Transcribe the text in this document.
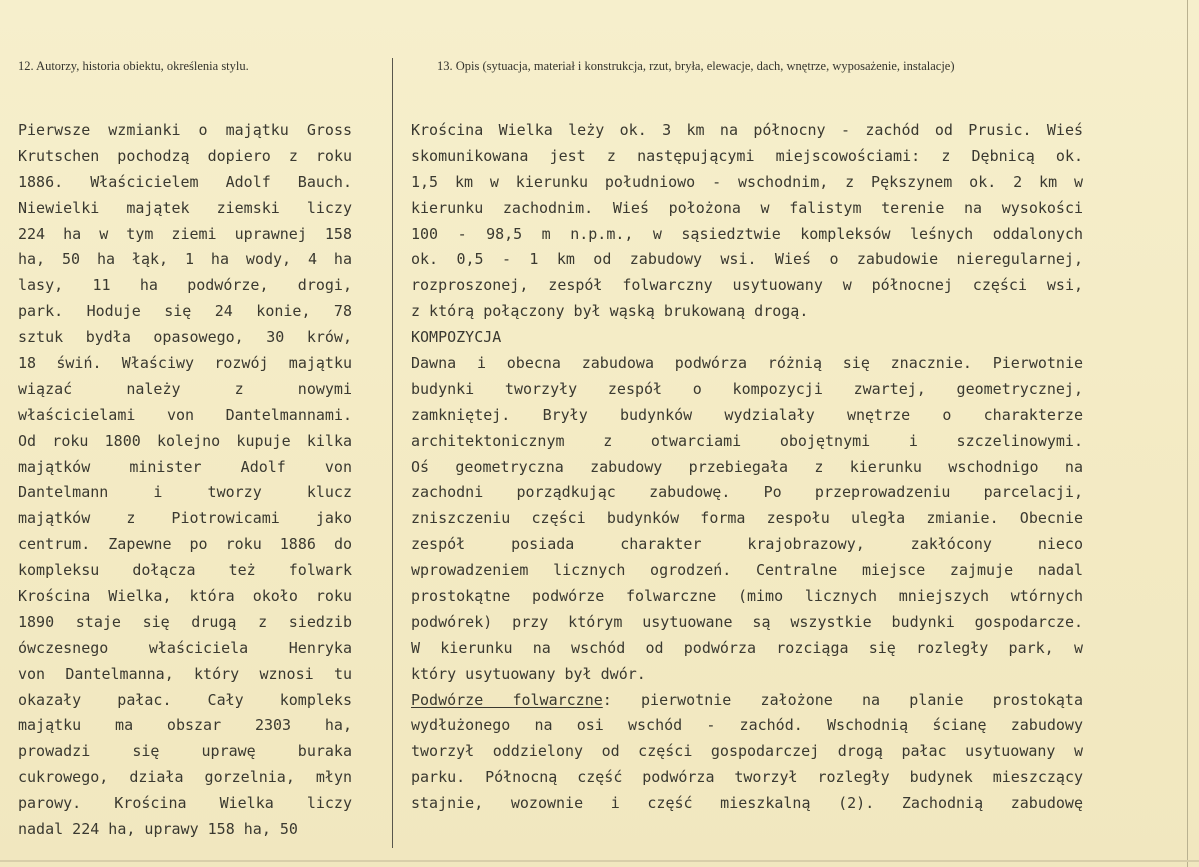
12. Autorzy, historia obiektu, określenia stylu.	13. Opis (sytuacja, materiał i konstrukcja, rzut, bryła, elewacje, dach, wnętrze, wyposażenie, instalacje)
Pierwsze wzmianki o majątku Gross
Krutschen pochodzą dopiero z roku
1886. Właścicielem Adolf Bauch.
Niewielki majątek ziemski liczy
224 ha w tym ziemi uprawnej 158
ha, 50 ha łąk, 1 ha wody, 4 ha
lasy, 11 ha podwórze, drogi,
park. Hoduje się 24 konie, 78
sztuk bydła opasowego, 30 krów,
18 świń. Właściwy rozwój majątku
wiązać należy z nowymi
właścicielami von Dantelmannami.
Od roku 1800 kolejno kupuje kilka
majątków minister Adolf von
Dantelmann i tworzy klucz
majątków z Piotrowicami jako
centrum. Zapewne po roku 1886 do
kompleksu dołącza też folwark
Krościna Wielka, która około roku
1890 staje się drugą z siedzib
ówczesnego właściciela Henryka
von Dantelmanna, który wznosi tu
okazały pałac. Cały kompleks
majątku ma obszar 2303 ha,
prowadzi się uprawę buraka
cukrowego, działa gorzelnia, młyn
parowy. Krościna Wielka liczy
nadal 224 ha, uprawy 158 ha, 50
Krościna Wielka leży ok. 3 km na północny - zachód od Prusic. Wieś
skomunikowana jest z następującymi miejscowościami: z Dębnicą ok.
1,5 km w kierunku południowo - wschodnim, z Pększynem ok. 2 km w
kierunku zachodnim. Wieś położona w falistym terenie na wysokości
100 - 98,5 m n.p.m., w sąsiedztwie kompleksów leśnych oddalonych
ok. 0,5 - 1 km od zabudowy wsi. Wieś o zabudowie nieregularnej,
rozproszonej, zespół folwarczny usytuowany w północnej części wsi,
z którą połączony był wąską brukowaną drogą.
KOMPOZYCJA
Dawna i obecna zabudowa podwórza różnią się znacznie. Pierwotnie
budynki tworzyły zespół o kompozycji zwartej, geometrycznej,
zamkniętej. Bryły budynków wydzialały wnętrze o charakterze
architektonicznym z otwarciami obojętnymi i szczelinowymi.
Oś geometryczna zabudowy przebiegała z kierunku wschodnigo na
zachodni porządkując zabudowę. Po przeprowadzeniu parcelacji,
zniszczeniu części budynków forma zespołu uległa zmianie. Obecnie
zespół posiada charakter krajobrazowy, zakłócony nieco
wprowadzeniem licznych ogrodzeń. Centralne miejsce zajmuje nadal
prostokątne podwórze folwarczne (mimo licznych mniejszych wtórnych
podwórek) przy którym usytuowane są wszystkie budynki gospodarcze.
W kierunku na wschód od podwórza rozciąga się rozległy park, w
który usytuowany był dwór.
Podwórze folwarczne: pierwotnie założone na planie prostokąta
wydłużonego na osi wschód - zachód. Wschodnią ścianę zabudowy
tworzył oddzielony od części gospodarczej drogą pałac usytuowany w
parku. Północną część podwórza tworzył rozległy budynek mieszczący
stajnie, wozownie i część mieszkalną (2). Zachodnią zabudowę
